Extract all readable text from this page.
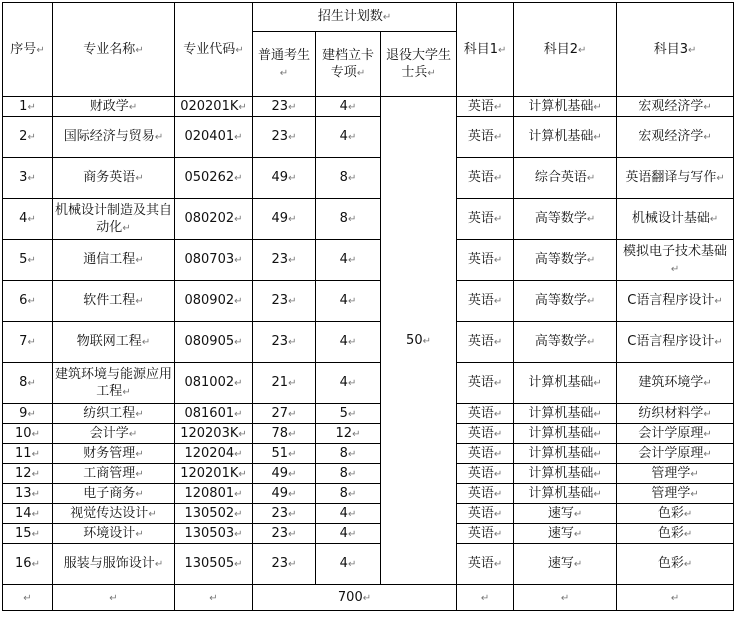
序号↵	专业名称↵	专业代码↵	招生计划数↵			科目1↵	科目2↵	科目3↵
			普通考生↵	建档立卡专项↵	退役大学生士兵↵			
1↵	财政学↵	020201K↵	23↵	4↵	50↵	英语↵	计算机基础↵	宏观经济学↵
2↵	国际经济与贸易↵	020401↵	23↵	4↵		英语↵	计算机基础↵	宏观经济学↵
3↵	商务英语↵	050262↵	49↵	8↵		英语↵	综合英语↵	英语翻译与写作↵
4↵	机械设计制造及其自动化↵	080202↵	49↵	8↵		英语↵	高等数学↵	机械设计基础↵
5↵	通信工程↵	080703↵	23↵	4↵		英语↵	高等数学↵	模拟电子技术基础↵
6↵	软件工程↵	080902↵	23↵	4↵		英语↵	高等数学↵	C语言程序设计↵
7↵	物联网工程↵	080905↵	23↵	4↵		英语↵	高等数学↵	C语言程序设计↵
8↵	建筑环境与能源应用工程↵	081002↵	21↵	4↵		英语↵	计算机基础↵	建筑环境学↵
9↵	纺织工程↵	081601↵	27↵	5↵		英语↵	计算机基础↵	纺织材料学↵
10↵	会计学↵	120203K↵	78↵	12↵		英语↵	计算机基础↵	会计学原理↵
11↵	财务管理↵	120204↵	51↵	8↵		英语↵	计算机基础↵	会计学原理↵
12↵	工商管理↵	120201K↵	49↵	8↵		英语↵	计算机基础↵	管理学↵
13↵	电子商务↵	120801↵	49↵	8↵		英语↵	计算机基础↵	管理学↵
14↵	视觉传达设计↵	130502↵	23↵	4↵		英语↵	速写↵	色彩↵
15↵	环境设计↵	130503↵	23↵	4↵		英语↵	速写↵	色彩↵
16↵	服装与服饰设计↵	130505↵	23↵	4↵		英语↵	速写↵	色彩↵
↵	↵	↵	700↵			↵	↵	↵
